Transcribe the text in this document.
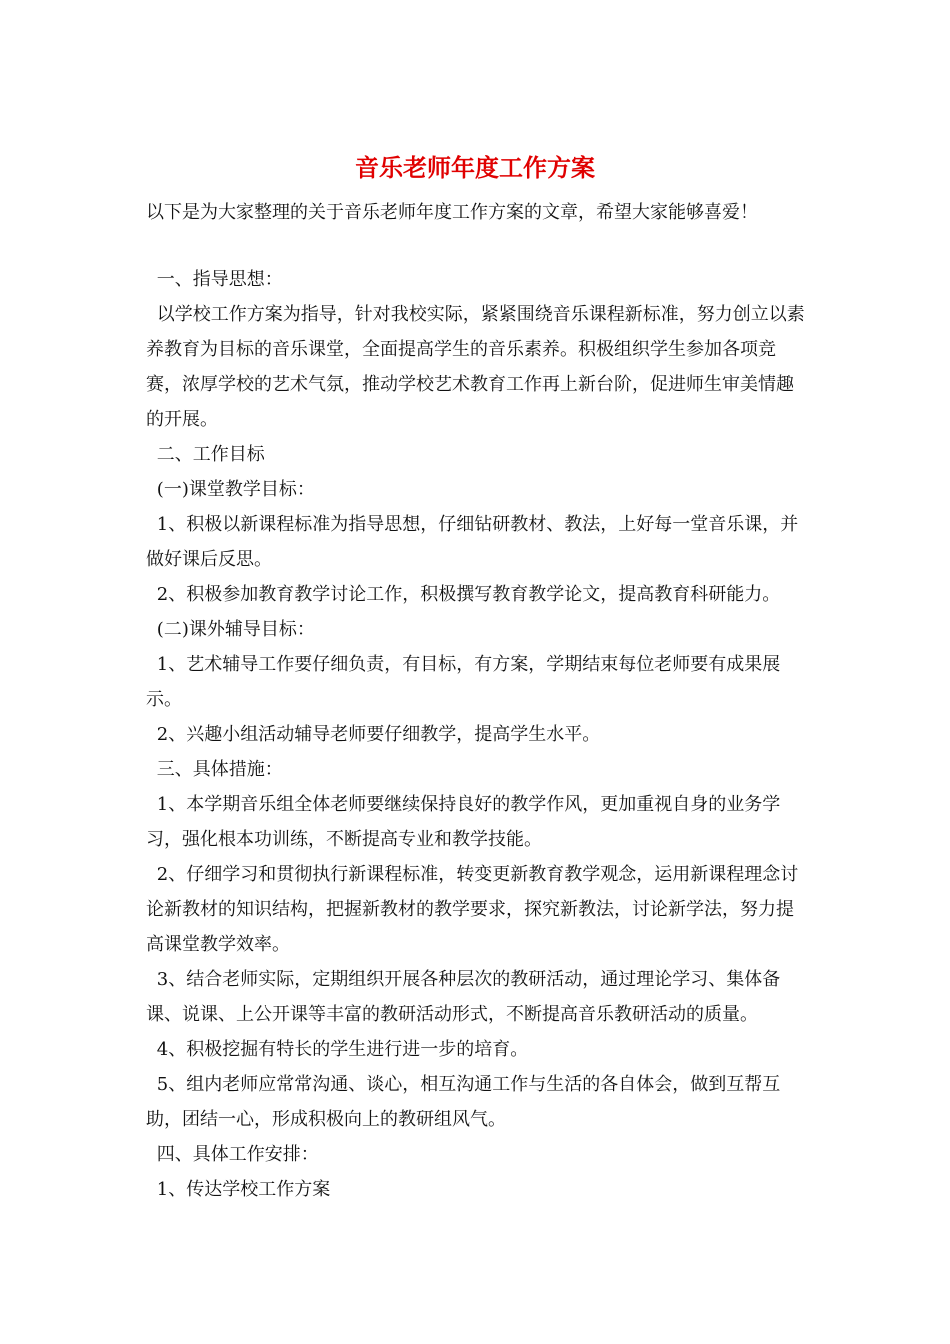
音乐老师年度工作方案

以下是为大家整理的关于音乐老师年度工作方案的文章，希望大家能够喜爱！

一、指导思想：

以学校工作方案为指导，针对我校实际，紧紧围绕音乐课程新标准，努力创立以素养教育为目标的音乐课堂，全面提高学生的音乐素养。积极组织学生参加各项竞赛，浓厚学校的艺术气氛，推动学校艺术教育工作再上新台阶，促进师生审美情趣的开展。

二、工作目标

(一)课堂教学目标：

1、积极以新课程标准为指导思想，仔细钻研教材、教法，上好每一堂音乐课，并做好课后反思。

2、积极参加教育教学讨论工作，积极撰写教育教学论文，提高教育科研能力。

(二)课外辅导目标：

1、艺术辅导工作要仔细负责，有目标，有方案，学期结束每位老师要有成果展示。

2、兴趣小组活动辅导老师要仔细教学，提高学生水平。

三、具体措施：

1、本学期音乐组全体老师要继续保持良好的教学作风，更加重视自身的业务学习，强化根本功训练，不断提高专业和教学技能。

2、仔细学习和贯彻执行新课程标准，转变更新教育教学观念，运用新课程理念讨论新教材的知识结构，把握新教材的教学要求，探究新教法，讨论新学法，努力提高课堂教学效率。

3、结合老师实际，定期组织开展各种层次的教研活动，通过理论学习、集体备课、说课、上公开课等丰富的教研活动形式，不断提高音乐教研活动的质量。

4、积极挖掘有特长的学生进行进一步的培育。

5、组内老师应常常沟通、谈心，相互沟通工作与生活的各自体会，做到互帮互助，团结一心，形成积极向上的教研组风气。

四、具体工作安排：

1、传达学校工作方案
